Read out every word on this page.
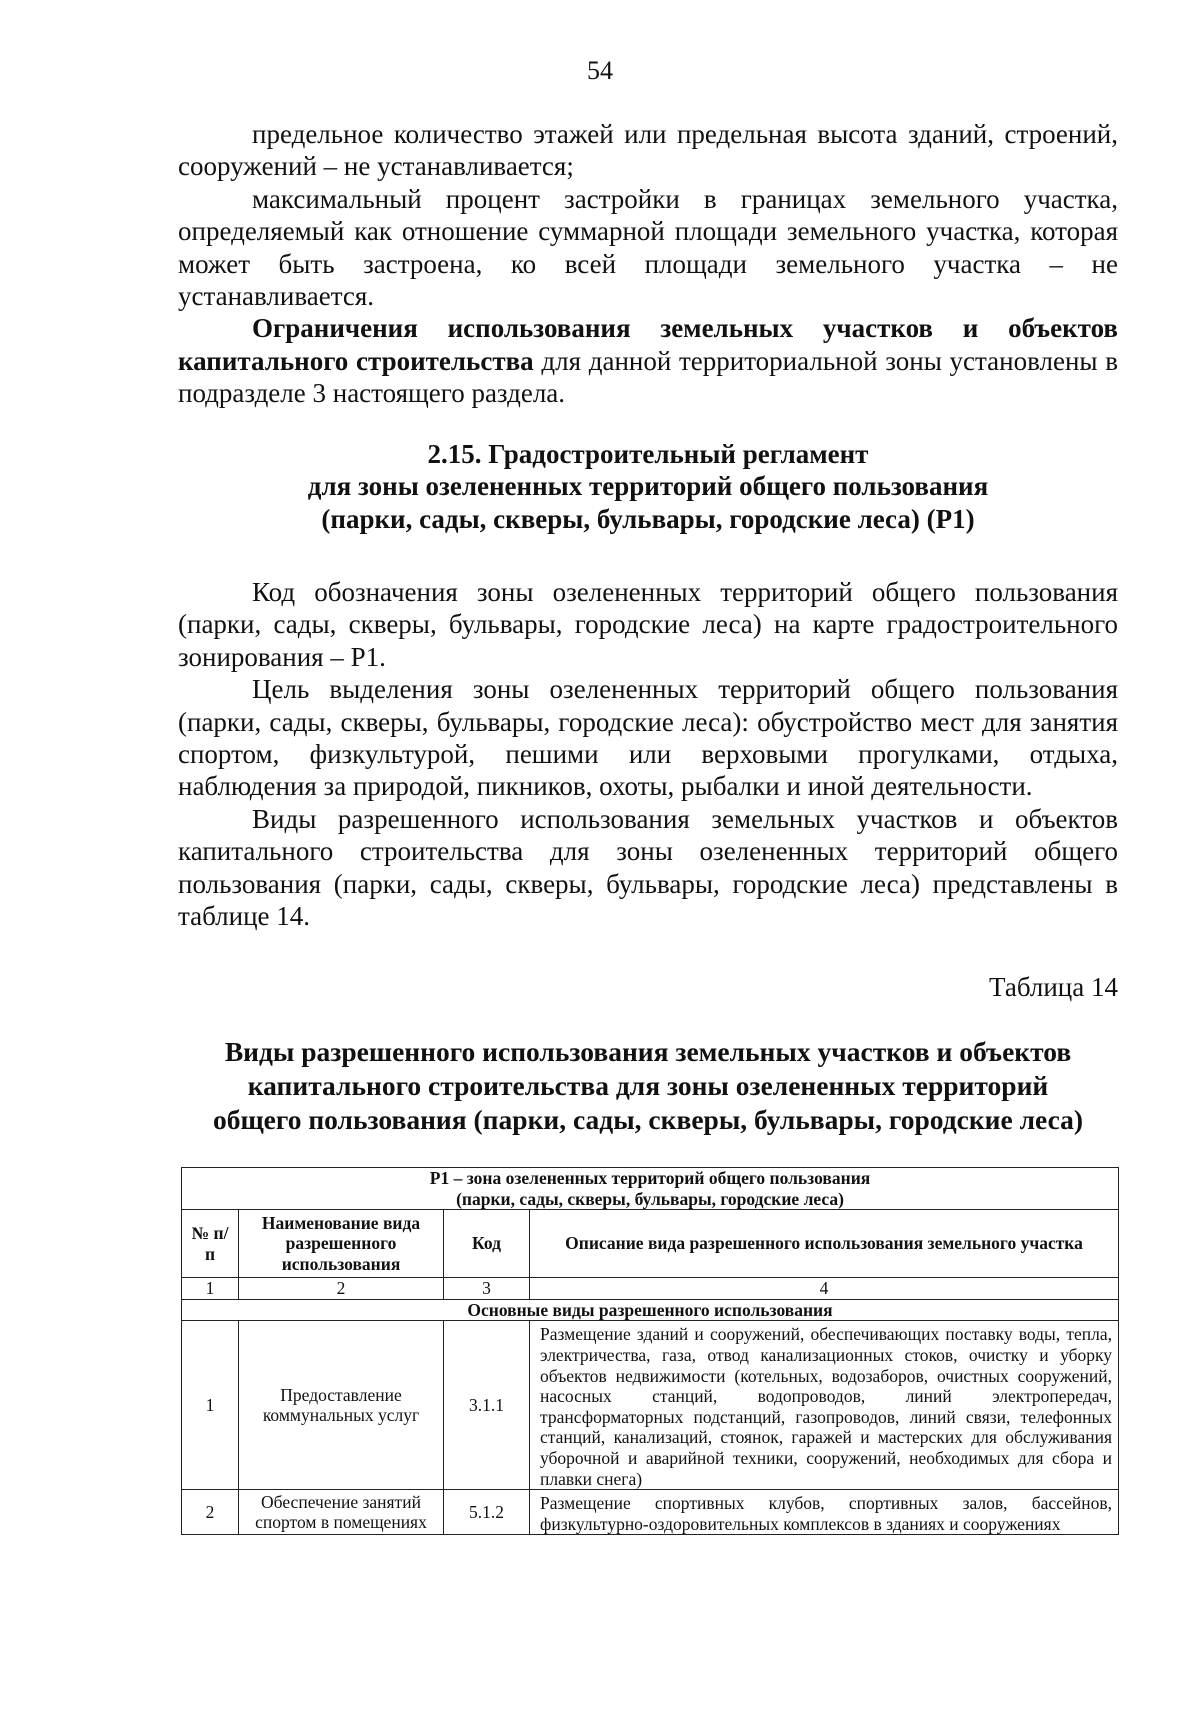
54

предельное количество этажей или предельная высота зданий, строений, сооружений – не устанавливается;

максимальный процент застройки в границах земельного участка, определяемый как отношение суммарной площади земельного участка, которая может быть застроена, ко всей площади земельного участка – не устанавливается.

Ограничения использования земельных участков и объектов капитального строительства для данной территориальной зоны установлены в подразделе 3 настоящего раздела.

2.15. Градостроительный регламент
для зоны озелененных территорий общего пользования
(парки, сады, скверы, бульвары, городские леса) (Р1)

Код обозначения зоны озелененных территорий общего пользования (парки, сады, скверы, бульвары, городские леса) на карте градостроительного зонирования – Р1.

Цель выделения зоны озелененных территорий общего пользования (парки, сады, скверы, бульвары, городские леса): обустройство мест для занятия спортом, физкультурой, пешими или верховыми прогулками, отдыха, наблюдения за природой, пикников, охоты, рыбалки и иной деятельности.

Виды разрешенного использования земельных участков и объектов капитального строительства для зоны озелененных территорий общего пользования (парки, сады, скверы, бульвары, городские леса) представлены в таблице 14.

Таблица 14
Виды разрешенного использования земельных участков и объектов
капитального строительства для зоны озелененных территорий
общего пользования (парки, сады, скверы, бульвары, городские леса)
Р1 – зона озелененных территорий общего пользования
(парки, сады, скверы, бульвары, городские леса)			

№ п/п	Наименование вида разрешенного использования	Код	Описание вида разрешенного использования земельного участка
1	2	3	4
Основные виды разрешенного использования			
1	Предоставление коммунальных услуг	3.1.1	Размещение зданий и сооружений, обеспечивающих поставку воды, тепла, электричества, газа, отвод канализационных стоков, очистку и уборку объектов недвижимости (котельных, водозаборов, очистных сооружений, насосных станций, водопроводов, линий электропередач, трансформаторных подстанций, газопроводов, линий связи, телефонных станций, канализаций, стоянок, гаражей и мастерских для обслуживания уборочной и аварийной техники, сооружений, необходимых для сбора и плавки снега)
2	Обеспечение занятий спортом в помещениях	5.1.2	Размещение спортивных клубов, спортивных залов, бассейнов, физкультурно-оздоровительных комплексов в зданиях и сооружениях
